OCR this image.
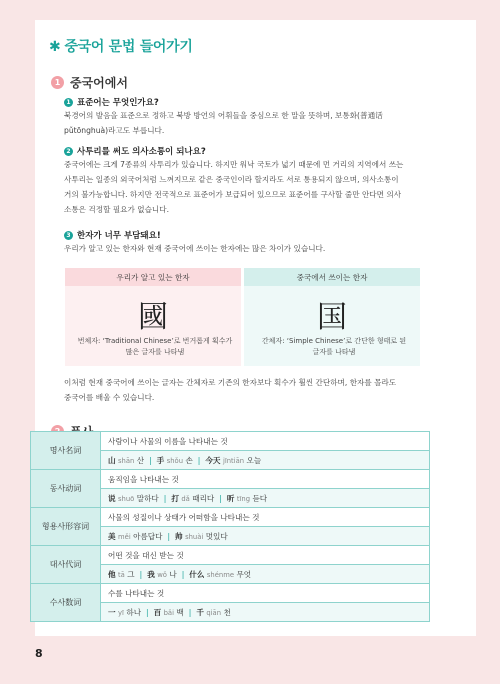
✱ 중국어 문법 들어가기
1 중국어에서
1 표준어는 무엇인가요?
북경어의 발음을 표준으로 정하고 북방 방언의 어휘들을 중심으로 한 말을 뜻하며, 보통화(普通话
pǔtōnghuà)라고도 부릅니다.
2 사투리를 써도 의사소통이 되나요?
중국어에는 크게 7종류의 사투리가 있습니다. 하지만 워낙 국토가 넓기 때문에 먼 거리의 지역에서 쓰는
사투리는 일종의 외국어처럼 느껴지므로 같은 중국인이라 할지라도 서로 통용되지 않으며, 의사소통이
거의 불가능합니다. 하지만 전국적으로 표준어가 보급되어 있으므로 표준어를 구사할 줄만 안다면 의사
소통은 걱정할 필요가 없습니다.
3 한자가 너무 부담돼요!
우리가 알고 있는 한자와 현재 중국어에 쓰이는 한자에는 많은 차이가 있습니다.
우리가 알고 있는 한자
國
번체자: ‘Traditional Chinese’로 번거롭게 획수가
많은 글자를 나타냄
중국에서 쓰이는 한자
国
간체자: ‘Simple Chinese’로 간단한 형태로 된
글자를 나타냄
이처럼 현재 중국어에 쓰이는 글자는 간체자로 기존의 한자보다 획수가 훨씬 간단하며, 한자를 몰라도
중국어를 배울 수 있습니다.
명사名词	사람이나 사물의 이름을 나타내는 것
	山 shān 산 | 手 shǒu 손 | 今天 jīntiān 오늘
동사动词	움직임을 나타내는 것
	说 shuō 말하다 | 打 dǎ 때리다 | 听 tīng 듣다
형용사形容词	사물의 성질이나 상태가 어떠함을 나타내는 것
	美 měi 아름답다 | 帅 shuài 멋있다
대사代词	어떤 것을 대신 받는 것
	他 tā 그 | 我 wǒ 나 | 什么 shénme 무엇
수사数词	수를 나타내는 것
	一 yī 하나 | 百 bǎi 백 | 千 qiān 천
8
